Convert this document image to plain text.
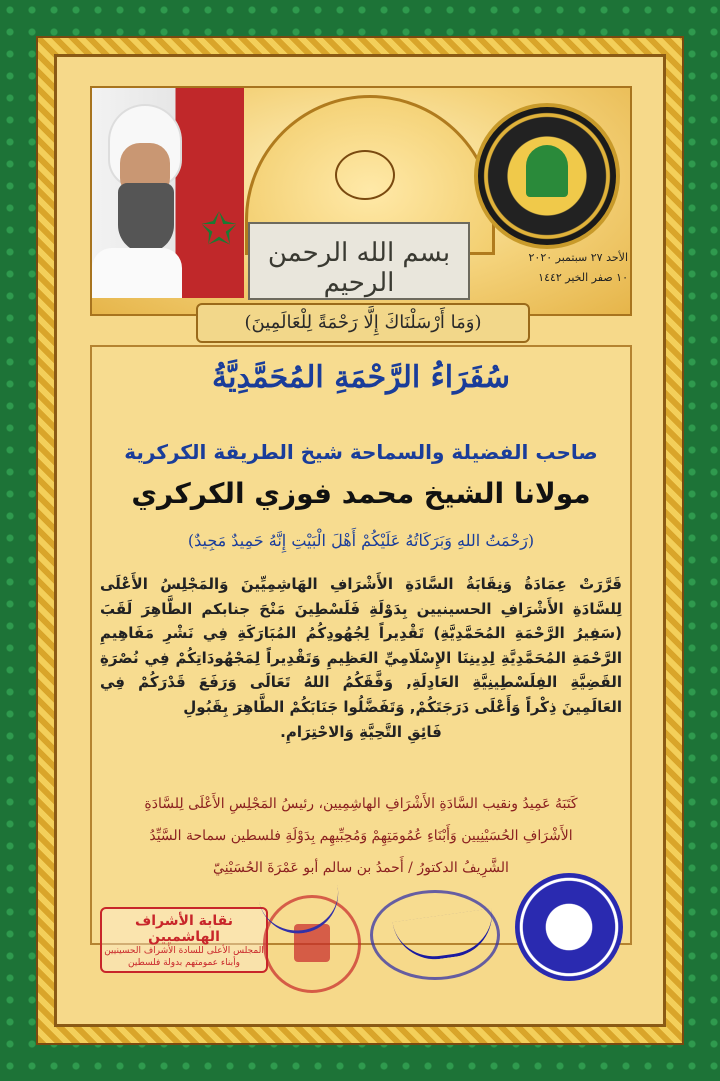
✩	بسم الله الرحمن الرحيم
الأحد ٢٧ سبتمبر ٢٠٢٠
١٠ صفر الخير ١٤٤٢
(وَمَا أَرْسَلْنَاكَ إِلَّا رَحْمَةً لِلْعَالَمِينَ)
سُفَرَاءُ الرَّحْمَةِ المُحَمَّدِيَّةُ
صاحب الفضيلة والسماحة شيخ الطريقة الكركرية
مولانا الشيخ محمد فوزي الكركري
(رَحْمَتُ اللهِ وَبَرَكَاتُهُ عَلَيْكُمْ أَهْلَ الْبَيْتِ إِنَّهُ حَمِيدٌ مَجِيدٌ)
قَرَّرَتْ عِمَادَةُ وَنِقَابَةُ السَّادَةِ الأَشْرَافِ الهَاشِمِيِّينَ وَالمَجْلِسُ الأَعْلَى لِلسَّادَةِ الأَشْرَافِ الحسينيين بِدَوْلَةِ فَلَسْطِينَ مَنْحَ جنابكم الطَّاهِرَ لَقَبَ (سَفِيرُ الرَّحْمَةِ المُحَمَّدِيَّةِ) تَقْدِيراً لِجُهُودِكُمُ المُبَارَكَةِ فِي نَشْرِ مَفَاهِيمِ الرَّحْمَةِ المُحَمَّدِيَّةِ لِدِينِنَا الإِسْلَامِيِّ العَظِيمِ وَتَقْدِيراً لِمَجْهُودَاتِكُمْ فِي نُصْرَةِ القَضِيَّةِ الفِلَسْطِينِيَّةِ العَادِلَةِ, وَفَّقَكُمُ اللهُ تَعَالَى وَرَفَعَ قَدْرَكُمْ فِي العَالَمِينَ ذِكْراً وَأَعْلَى دَرَجَتَكُمْ, وَتَفَضَّلُوا جَنَابَكُمْ الطَّاهِرَ بِقَبُولِ
فَائِقِ التَّحِيَّةِ وَالاحْتِرَامِ.
كَتَبَهُ عَمِيدُ ونقيب السَّادَةِ الأَشْرَافِ الهاشِمِيين، رئيسُ المَجْلِسِ الأَعْلَى لِلسَّادَةِ
الأَشْرَافِ الحُسَيْنِيين وَأَبْنَاءِ عُمُومَتِهِمْ وَمُحِبِّيهِم بِدَوْلَةِ فلسطين سماحة السَّيِّدُ
الشَّرِيفُ الدكتورُ / أَحمدُ بن سالم أبو عَمْرَةَ الحُسَيْنِيّ
نقابة الأشراف الهاشميين
المجلس الأعلى للسادة الأشراف الحسينيين
وأبناء عمومتهم بدولة فلسطين
